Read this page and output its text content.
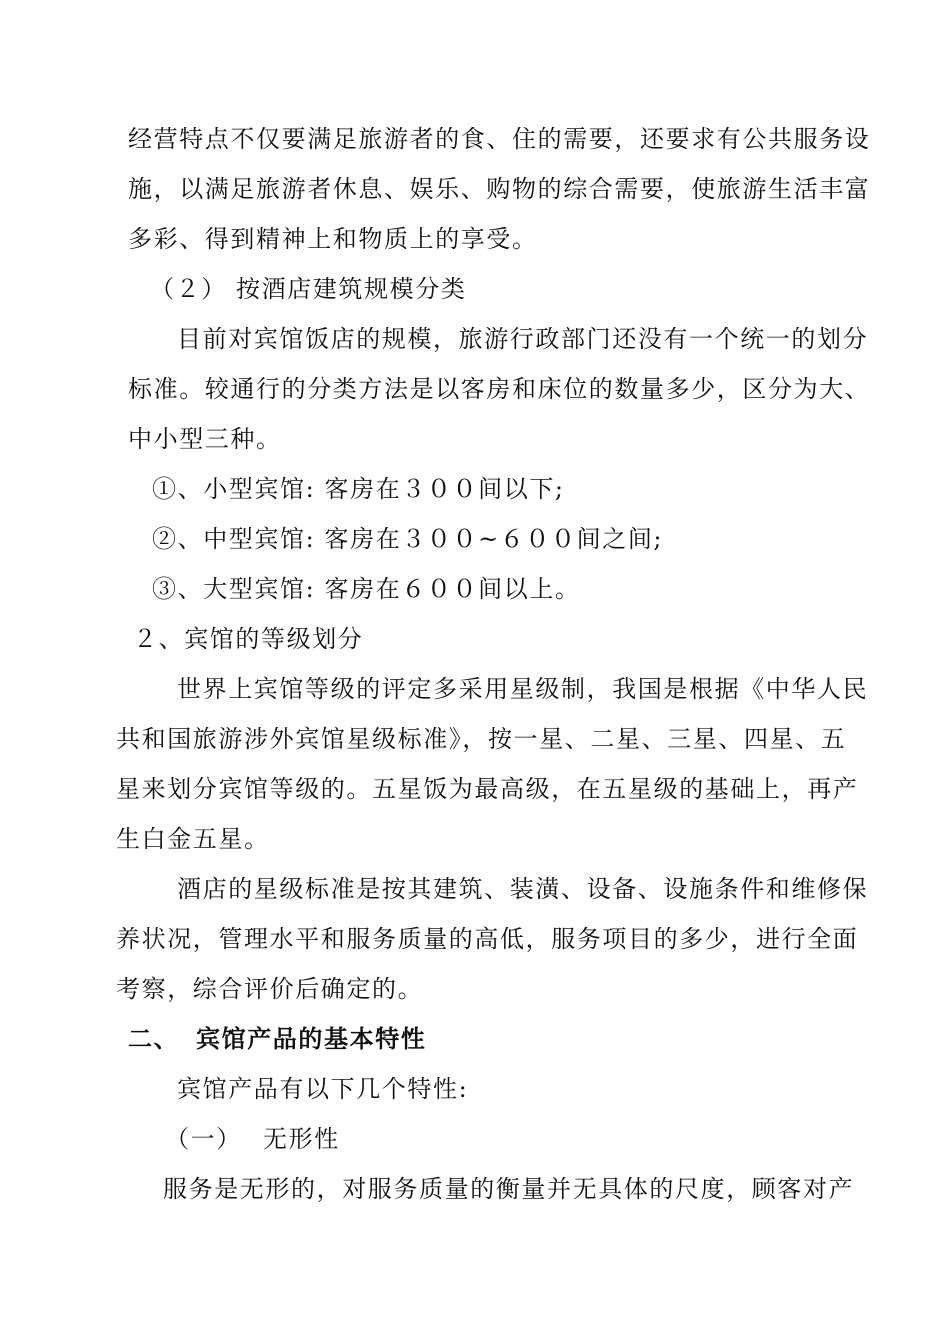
经营特点不仅要满足旅游者的食、住的需要，还要求有公共服务设
施，以满足旅游者休息、娱乐、购物的综合需要，使旅游生活丰富
多彩、得到精神上和物质上的享受。
（２） 按酒店建筑规模分类
目前对宾馆饭店的规模，旅游行政部门还没有一个统一的划分
标准。较通行的分类方法是以客房和床位的数量多少，区分为大、
中小型三种。
①、小型宾馆: 客房在３００间以下;
②、中型宾馆: 客房在３００~６００间之间;
③、大型宾馆: 客房在６００间以上。
２、宾馆的等级划分
世界上宾馆等级的评定多采用星级制，我国是根据《中华人民
共和国旅游涉外宾馆星级标准》，按一星、二星、三星、四星、五
星来划分宾馆等级的。五星饭为最高级，在五星级的基础上，再产
生白金五星。
酒店的星级标准是按其建筑、装潢、设备、设施条件和维修保
养状况，管理水平和服务质量的高低，服务项目的多少，进行全面
考察，综合评价后确定的。
二、 宾馆产品的基本特性
宾馆产品有以下几个特性:
（一） 无形性
服务是无形的，对服务质量的衡量并无具体的尺度，顾客对产
